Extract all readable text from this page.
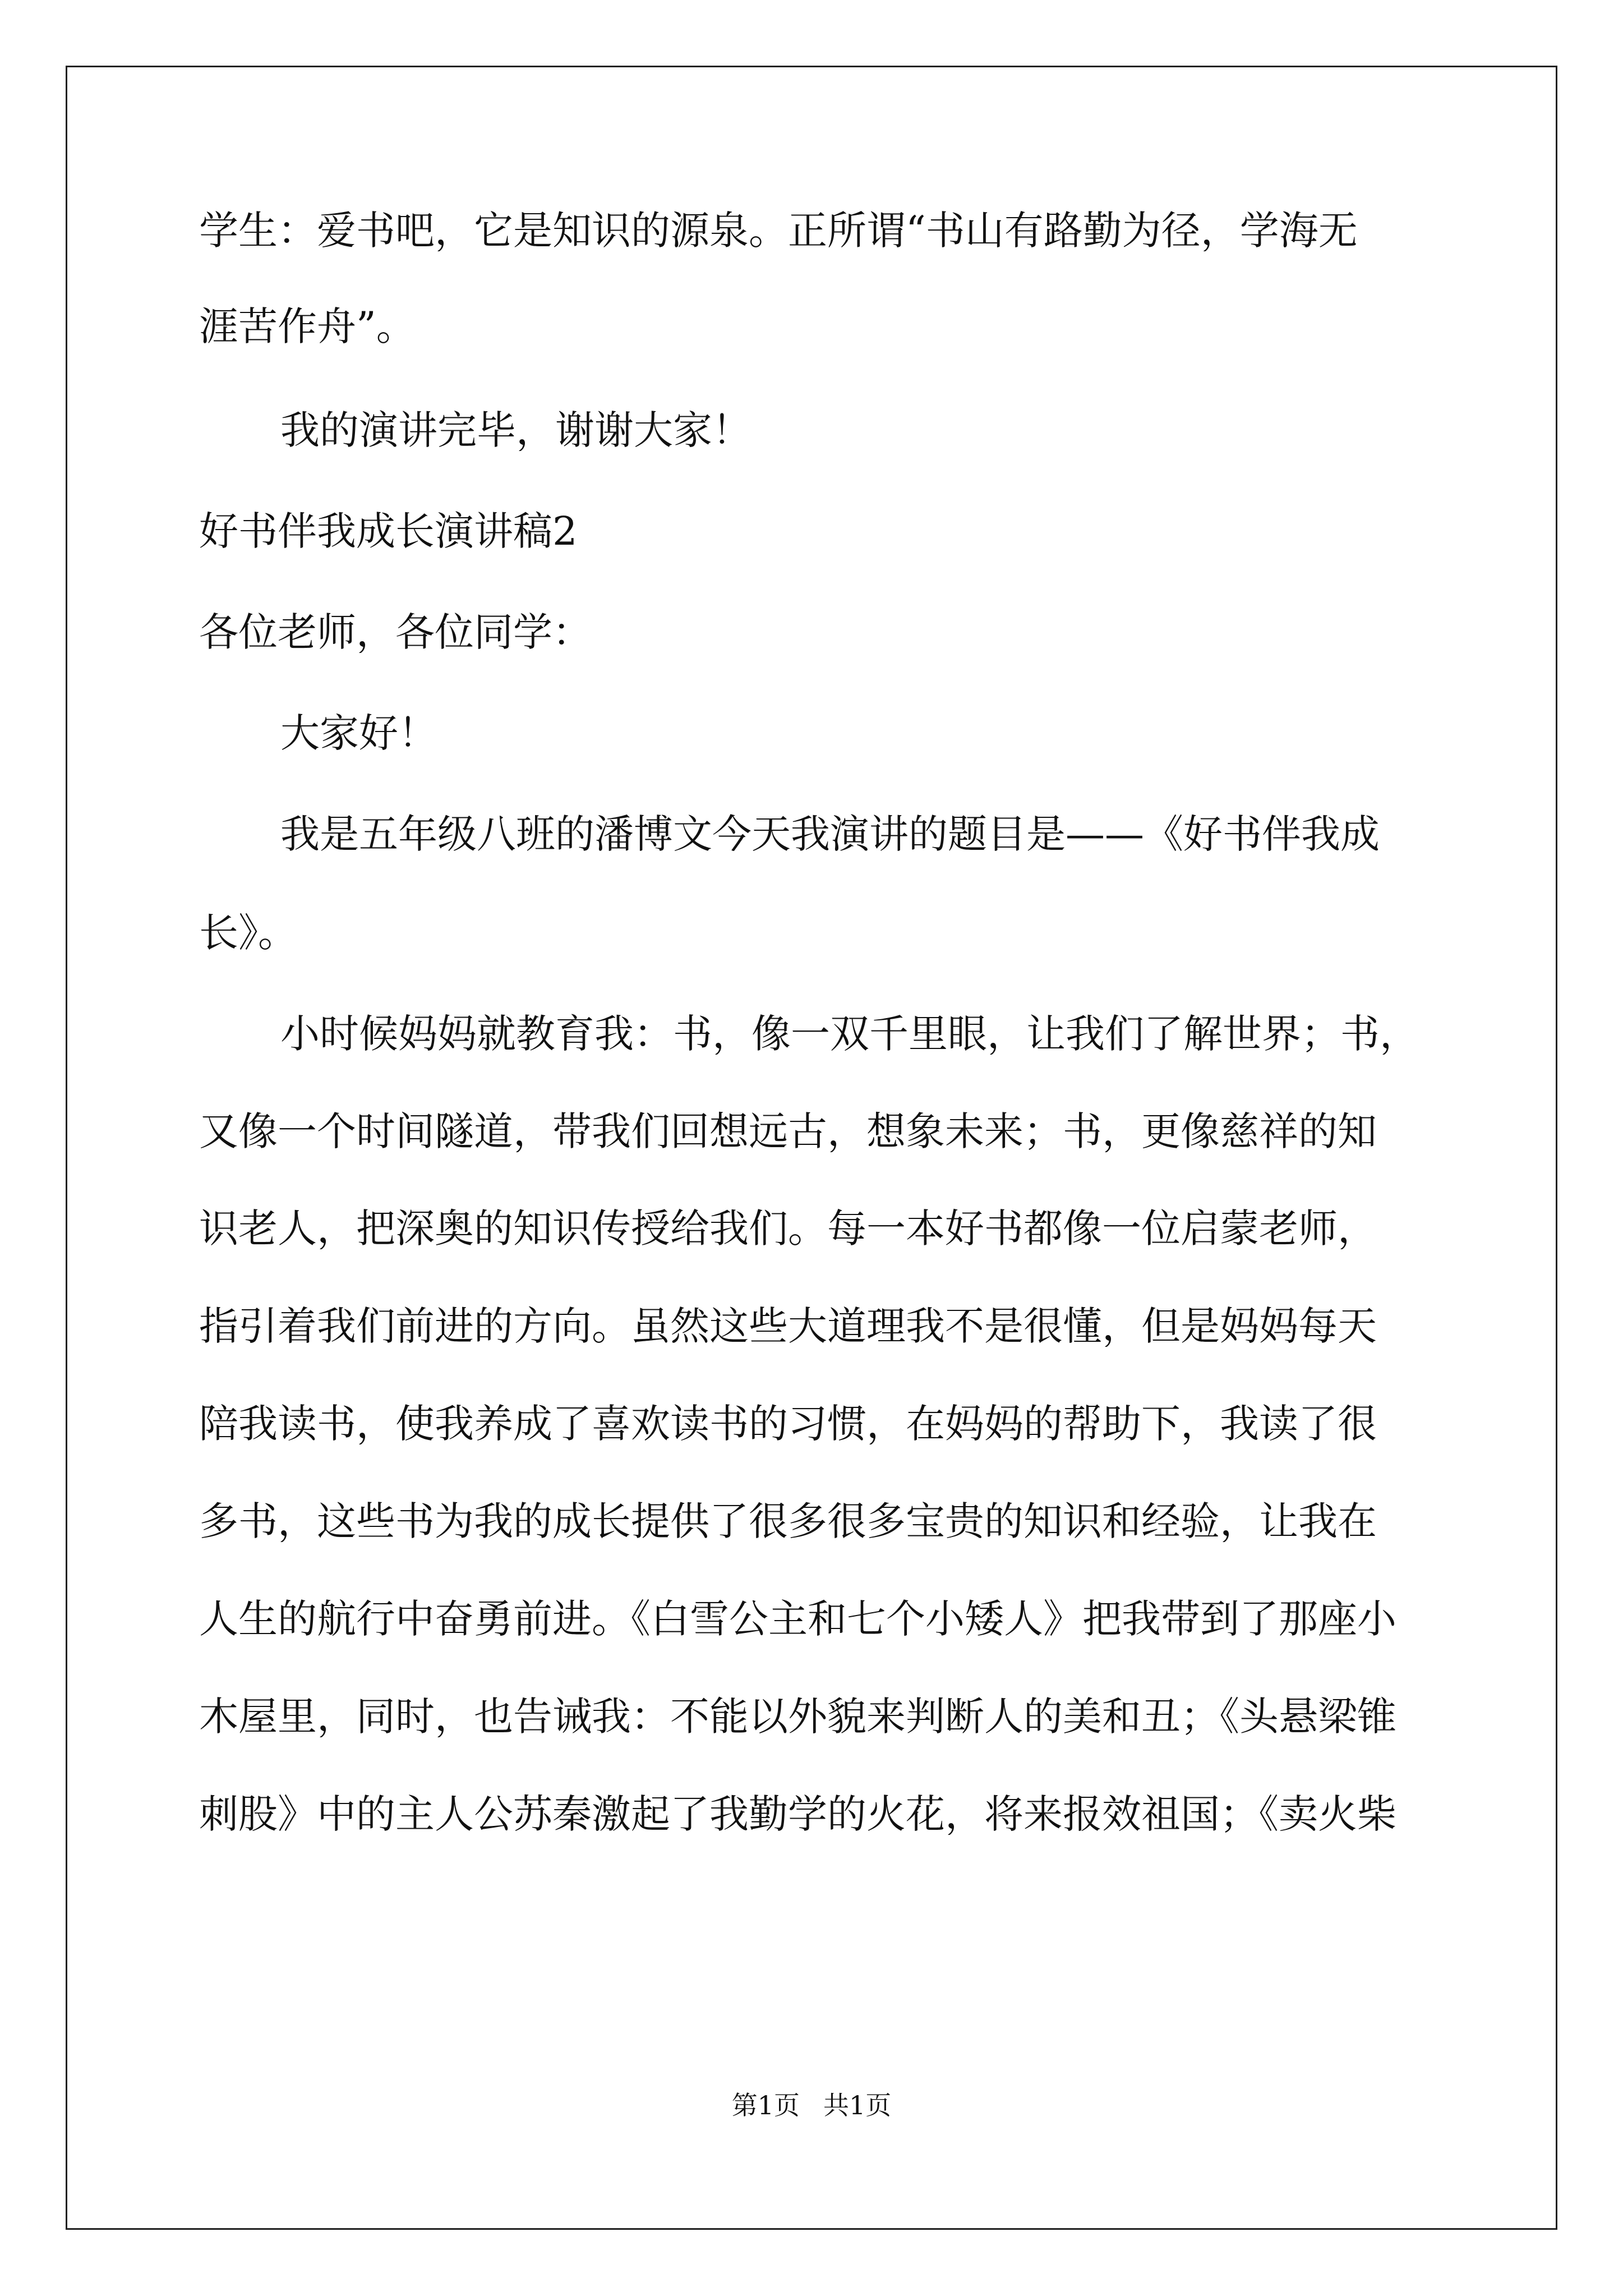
学生：爱书吧，它是知识的源泉。正所谓“书山有路勤为径，学海无
涯苦作舟”。
我的演讲完毕，谢谢大家！
好书伴我成长演讲稿2
各位老师，各位同学：
大家好！
我是五年级八班的潘博文今天我演讲的题目是——《好书伴我成
长》。
小时候妈妈就教育我：书，像一双千里眼，让我们了解世界；书，
又像一个时间隧道，带我们回想远古，想象未来；书，更像慈祥的知
识老人，把深奥的知识传授给我们。每一本好书都像一位启蒙老师，
指引着我们前进的方向。虽然这些大道理我不是很懂，但是妈妈每天
陪我读书，使我养成了喜欢读书的习惯，在妈妈的帮助下，我读了很
多书，这些书为我的成长提供了很多很多宝贵的知识和经验，让我在
人生的航行中奋勇前进。《白雪公主和七个小矮人》把我带到了那座小
木屋里，同时，也告诫我：不能以外貌来判断人的美和丑；《头悬梁锥
刺股》中的主人公苏秦激起了我勤学的火花，将来报效祖国；《卖火柴
第1页 共1页
